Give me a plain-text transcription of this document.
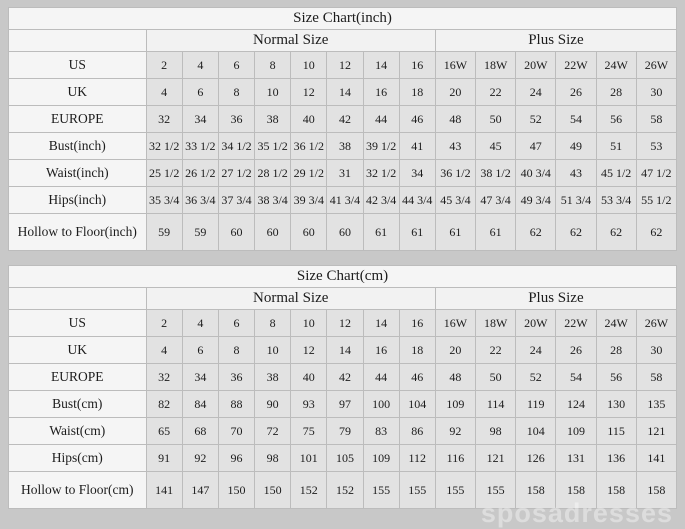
Size Chart(inch)														
	Normal Size								Plus Size					
US	2	4	6	8	10	12	14	16	16W	18W	20W	22W	24W	26W
UK	4	6	8	10	12	14	16	18	20	22	24	26	28	30
EUROPE	32	34	36	38	40	42	44	46	48	50	52	54	56	58
Bust(inch)	32 1/2	33 1/2	34 1/2	35 1/2	36 1/2	38	39 1/2	41	43	45	47	49	51	53
Waist(inch)	25 1/2	26 1/2	27 1/2	28 1/2	29 1/2	31	32 1/2	34	36 1/2	38 1/2	40 3/4	43	45 1/2	47 1/2
Hips(inch)	35 3/4	36 3/4	37 3/4	38 3/4	39 3/4	41 3/4	42 3/4	44 3/4	45 3/4	47 3/4	49 3/4	51 3/4	53 3/4	55 1/2
Hollow to Floor(inch)	59	59	60	60	60	60	61	61	61	61	62	62	62	62
Size Chart(cm)														
	Normal Size								Plus Size					
US	2	4	6	8	10	12	14	16	16W	18W	20W	22W	24W	26W
UK	4	6	8	10	12	14	16	18	20	22	24	26	28	30
EUROPE	32	34	36	38	40	42	44	46	48	50	52	54	56	58
Bust(cm)	82	84	88	90	93	97	100	104	109	114	119	124	130	135
Waist(cm)	65	68	70	72	75	79	83	86	92	98	104	109	115	121
Hips(cm)	91	92	96	98	101	105	109	112	116	121	126	131	136	141
Hollow to Floor(cm)	141	147	150	150	152	152	155	155	155	155	158	158	158	158
sposadresses
